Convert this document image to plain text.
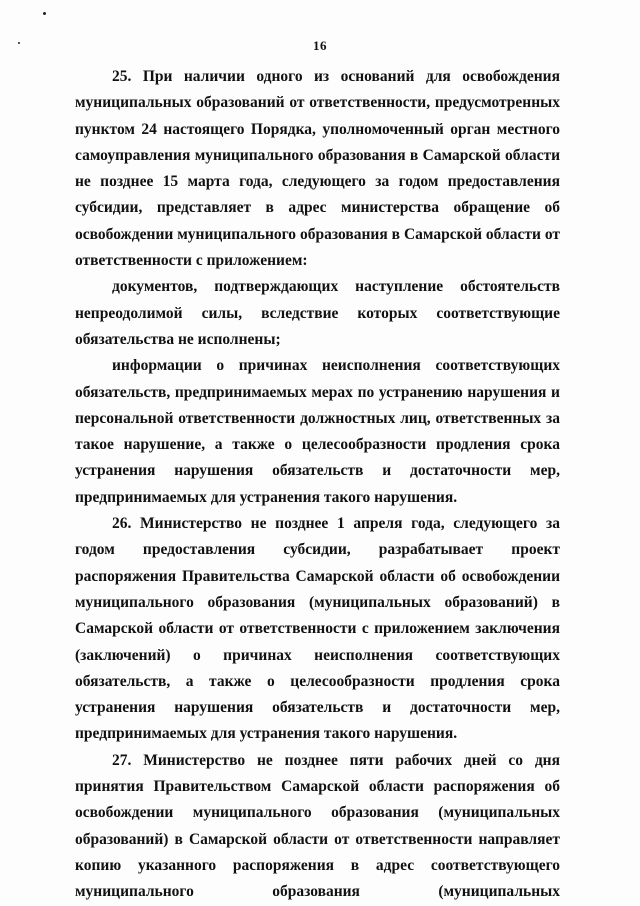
16

25. При наличии одного из оснований для освобождения муниципальных образований от ответственности, предусмотренных пунктом 24 настоящего Порядка, уполномоченный орган местного самоуправления муниципального образования в Самарской области не позднее 15 марта года, следующего за годом предоставления субсидии, представляет в адрес министерства обращение об освобождении муниципального образования в Самарской области от ответственности с приложением:

документов, подтверждающих наступление обстоятельств непреодолимой силы, вследствие которых соответствующие обязательства не исполнены;

информации о причинах неисполнения соответствующих обязательств, предпринимаемых мерах по устранению нарушения и персональной ответственности должностных лиц, ответственных за такое нарушение, а также о целесообразности продления срока устранения нарушения обязательств и достаточности мер, предпринимаемых для устранения такого нарушения.

26. Министерство не позднее 1 апреля года, следующего за годом предоставления субсидии, разрабатывает проект распоряжения Правительства Самарской области об освобождении муниципального образования (муниципальных образований) в Самарской области от ответственности с приложением заключения (заключений) о причинах неисполнения соответствующих обязательств, а также о целесообразности продления срока устранения нарушения обязательств и достаточности мер, предпринимаемых для устранения такого нарушения.

27. Министерство не позднее пяти рабочих дней со дня принятия Правительством Самарской области распоряжения об освобождении муниципального образования (муниципальных образований) в Самарской области от ответственности направляет копию указанного распоряжения в адрес соответствующего муниципального образования (муниципальных
